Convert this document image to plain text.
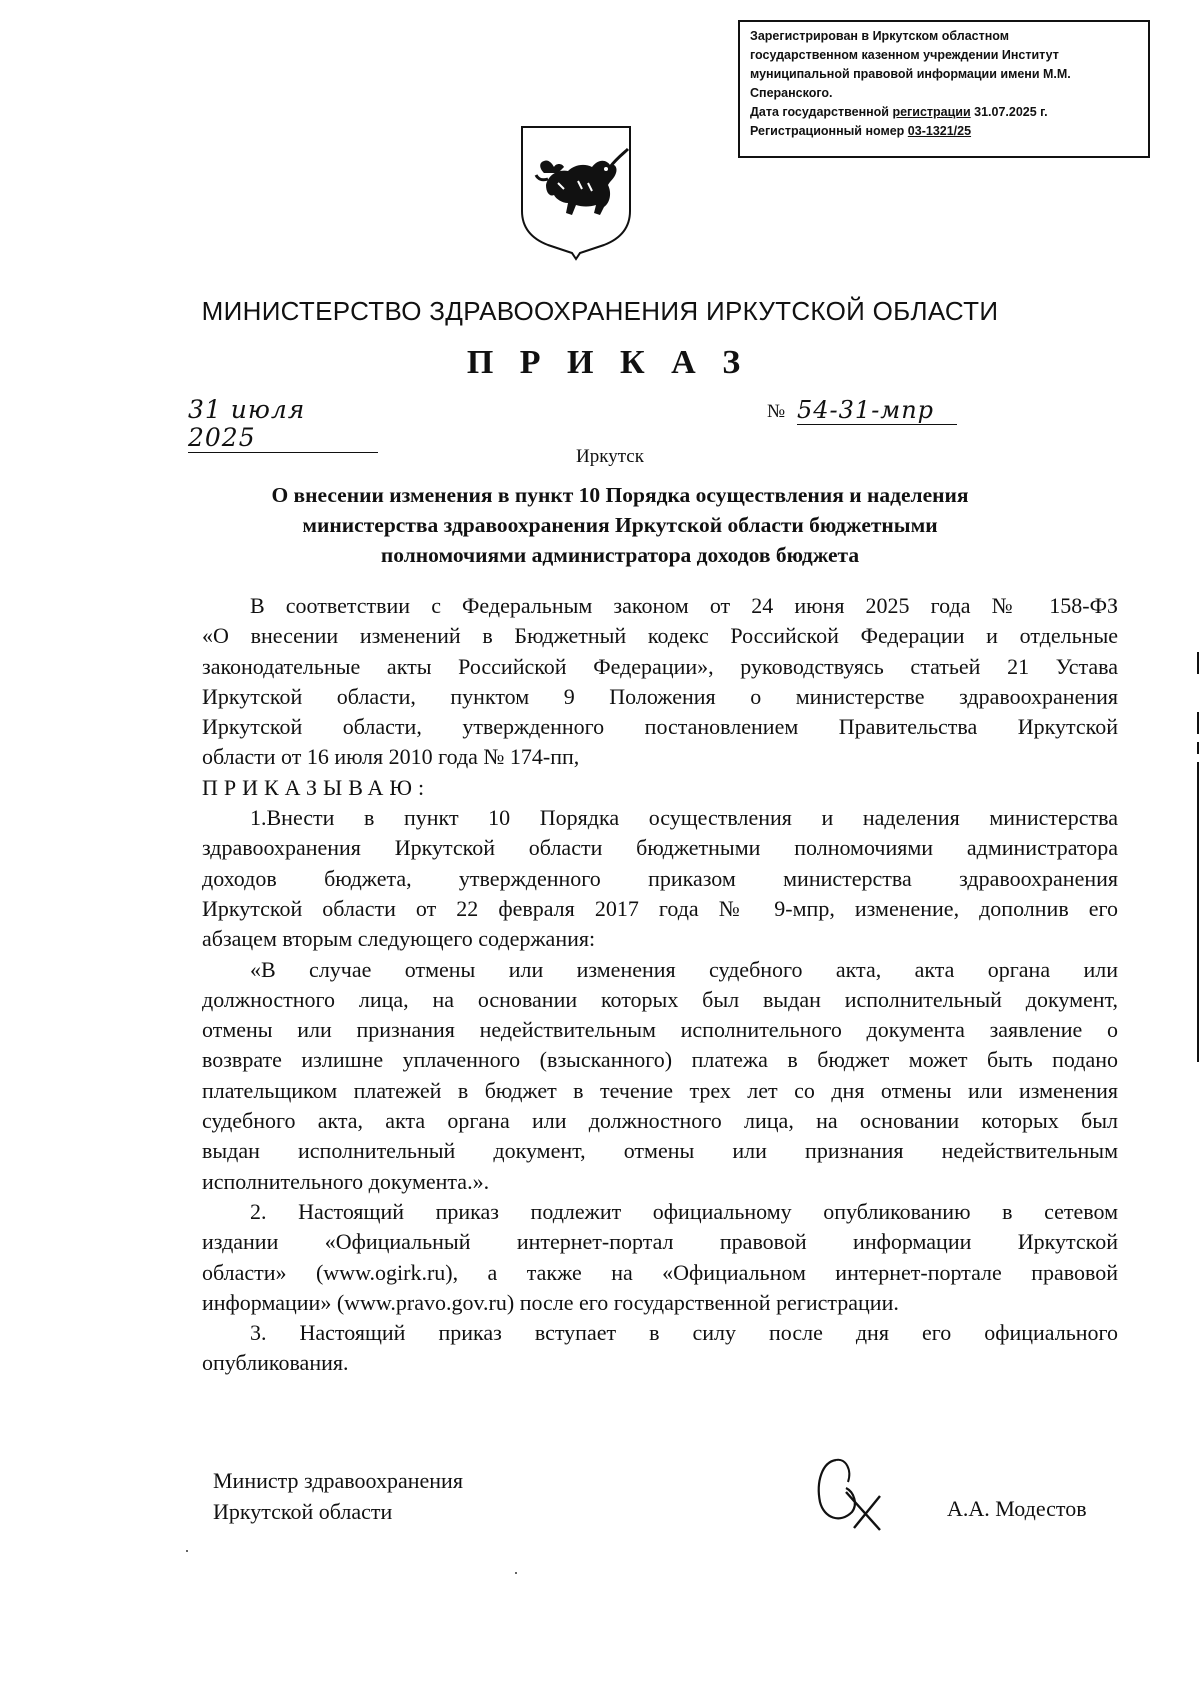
Зарегистрирован в Иркутском областном
государственном казенном учреждении Институт
муниципальной правовой информации имени М.М.
Сперанского.
Дата государственной регистрации 31.07.2025 г.
Регистрационный номер 03-1321/25
МИНИСТЕРСТВО ЗДРАВООХРАНЕНИЯ ИРКУТСКОЙ ОБЛАСТИ
П Р И К А З
31 июля 2025
№ 54-31-мпр
Иркутск
О внесении изменения в пункт 10 Порядка осуществления и наделения
министерства здравоохранения Иркутской области бюджетными
полномочиями администратора доходов бюджета
В соответствии с Федеральным законом от 24 июня 2025 года № 158-ФЗ
«О внесении изменений в Бюджетный кодекс Российской Федерации и отдельные
законодательные акты Российской Федерации», руководствуясь статьей 21 Устава
Иркутской области, пунктом 9 Положения о министерстве здравоохранения
Иркутской области, утвержденного постановлением Правительства Иркутской
области от 16 июля 2010 года № 174-пп,
ПРИКАЗЫВАЮ:
1.Внести в пункт 10 Порядка осуществления и наделения министерства
здравоохранения Иркутской области бюджетными полномочиями администратора
доходов бюджета, утвержденного приказом министерства здравоохранения
Иркутской области от 22 февраля 2017 года № 9-мпр, изменение, дополнив его
абзацем вторым следующего содержания:
«В случае отмены или изменения судебного акта, акта органа или
должностного лица, на основании которых был выдан исполнительный документ,
отмены или признания недействительным исполнительного документа заявление о
возврате излишне уплаченного (взысканного) платежа в бюджет может быть подано
плательщиком платежей в бюджет в течение трех лет со дня отмены или изменения
судебного акта, акта органа или должностного лица, на основании которых был
выдан исполнительный документ, отмены или признания недействительным
исполнительного документа.».
2. Настоящий приказ подлежит официальному опубликованию в сетевом
издании «Официальный интернет-портал правовой информации Иркутской
области» (www.ogirk.ru), а также на «Официальном интернет-портале правовой
информации» (www.pravo.gov.ru) после его государственной регистрации.
3. Настоящий приказ вступает в силу после дня его официального
опубликования.
Министр здравоохранения
Иркутской области	А.А. Модестов
